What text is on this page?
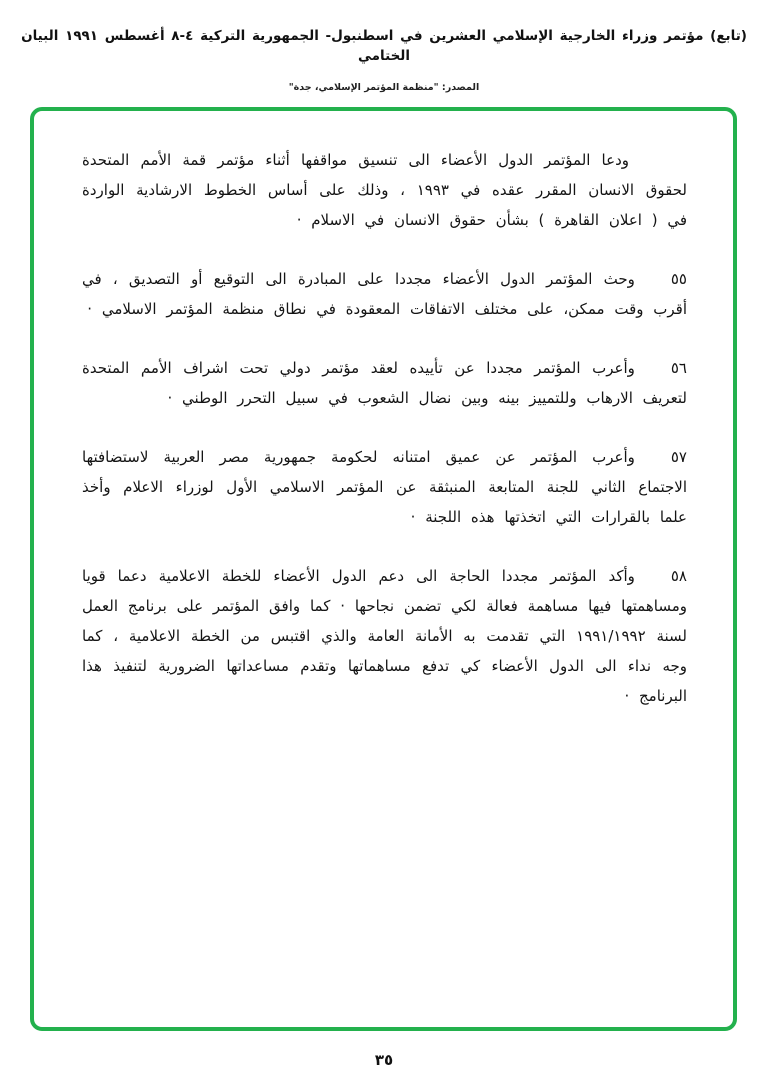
(تابع) مؤتمر وزراء الخارجية الإسلامي العشرين في اسطنبول- الجمهورية التركية ٤-٨ أغسطس ١٩٩١ البيان الختامي
المصدر: "منظمة المؤتمر الإسلامي، جدة"

ودعا المؤتمر الدول الأعضاء الى تنسيق مواقفها أثناء مؤتمر قمة الأمم المتحدة لحقوق الانسان المقرر عقده في ١٩٩٣ ، وذلك على أساس الخطوط الارشادية الواردة في ( اعلان القاهرة ) بشأن حقوق الانسان في الاسلام ·

٥٥وحث المؤتمر الدول الأعضاء مجددا على المبادرة الى التوقيع أو التصديق ، في أقرب وقت ممكن، على مختلف الاتفاقات المعقودة في نطاق منظمة المؤتمر الاسلامي ·

٥٦وأعرب المؤتمر مجددا عن تأييده لعقد مؤتمر دولي تحت اشراف الأمم المتحدة لتعريف الارهاب وللتمييز بينه وبين نضال الشعوب في سبيل التحرر الوطني ·

٥٧وأعرب المؤتمر عن عميق امتنانه لحكومة جمهورية مصر العربية لاستضافتها الاجتماع الثاني للجنة المتابعة المنبثقة عن المؤتمر الاسلامي الأول لوزراء الاعلام وأخذ علما بالقرارات التي اتخذتها هذه اللجنة ·

٥٨وأكد المؤتمر مجددا الحاجة الى دعم الدول الأعضاء للخطة الاعلامية دعما قويا ومساهمتها فيها مساهمة فعالة لكي تضمن نجاحها · كما وافق المؤتمر على برنامج العمل لسنة ١٩٩١/١٩٩٢ التي تقدمت به الأمانة العامة والذي اقتبس من الخطة الاعلامية ، كما وجه نداء الى الدول الأعضاء كي تدفع مساهماتها وتقدم مساعداتها الضرورية لتنفيذ هذا البرنامج ·

٣٥
